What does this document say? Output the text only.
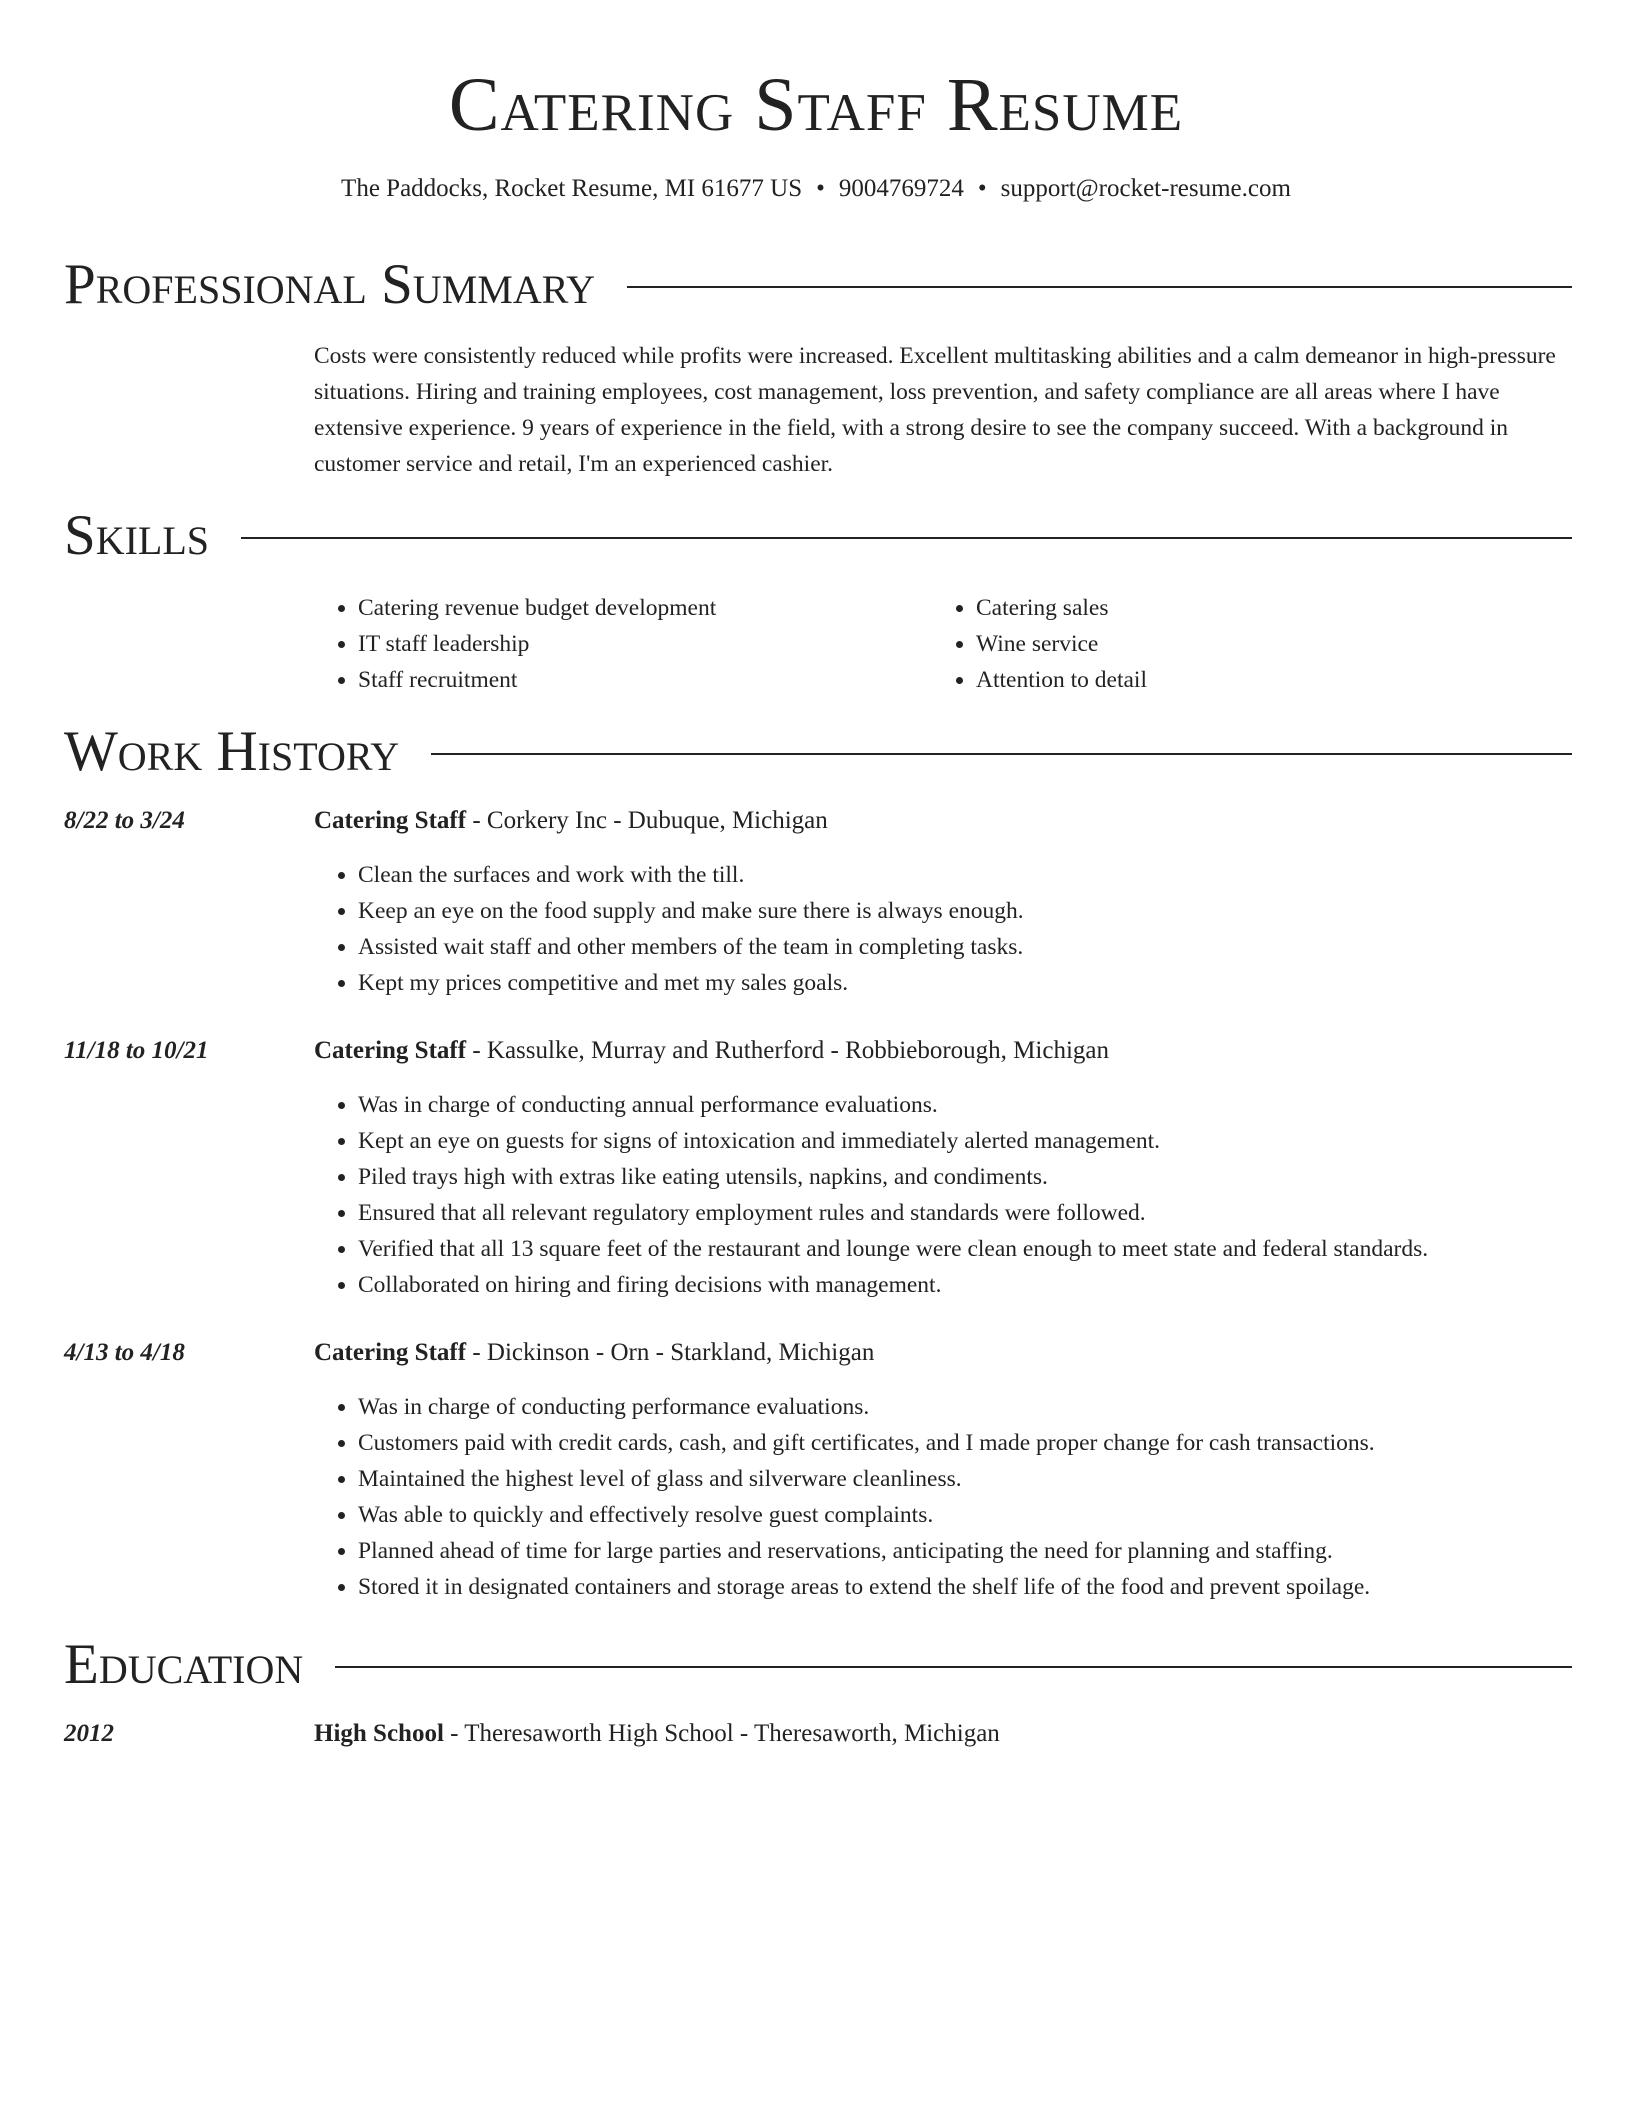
Catering Staff Resume
The Paddocks, Rocket Resume, MI 61677 US • 9004769724 • support@rocket-resume.com
Professional Summary

Costs were consistently reduced while profits were increased. Excellent multitasking abilities and a calm demeanor in high-pressure situations. Hiring and training employees, cost management, loss prevention, and safety compliance are all areas where I have extensive experience. 9 years of experience in the field, with a strong desire to see the company succeed. With a background in customer service and retail, I'm an experienced cashier.

Skills
• Catering revenue budget development
• IT staff leadership
• Staff recruitment
• Catering sales
• Wine service
• Attention to detail
Work History
8/22 to 3/24	Catering Staff - Corkery Inc - Dubuque, Michigan
• Clean the surfaces and work with the till.
• Keep an eye on the food supply and make sure there is always enough.
• Assisted wait staff and other members of the team in completing tasks.
• Kept my prices competitive and met my sales goals.
11/18 to 10/21	Catering Staff - Kassulke, Murray and Rutherford - Robbieborough, Michigan
• Was in charge of conducting annual performance evaluations.
• Kept an eye on guests for signs of intoxication and immediately alerted management.
• Piled trays high with extras like eating utensils, napkins, and condiments.
• Ensured that all relevant regulatory employment rules and standards were followed.
• Verified that all 13 square feet of the restaurant and lounge were clean enough to meet state and federal standards.
• Collaborated on hiring and firing decisions with management.
4/13 to 4/18	Catering Staff - Dickinson - Orn - Starkland, Michigan
• Was in charge of conducting performance evaluations.
• Customers paid with credit cards, cash, and gift certificates, and I made proper change for cash transactions.
• Maintained the highest level of glass and silverware cleanliness.
• Was able to quickly and effectively resolve guest complaints.
• Planned ahead of time for large parties and reservations, anticipating the need for planning and staffing.
• Stored it in designated containers and storage areas to extend the shelf life of the food and prevent spoilage.
Education
2012	High School - Theresaworth High School - Theresaworth, Michigan
